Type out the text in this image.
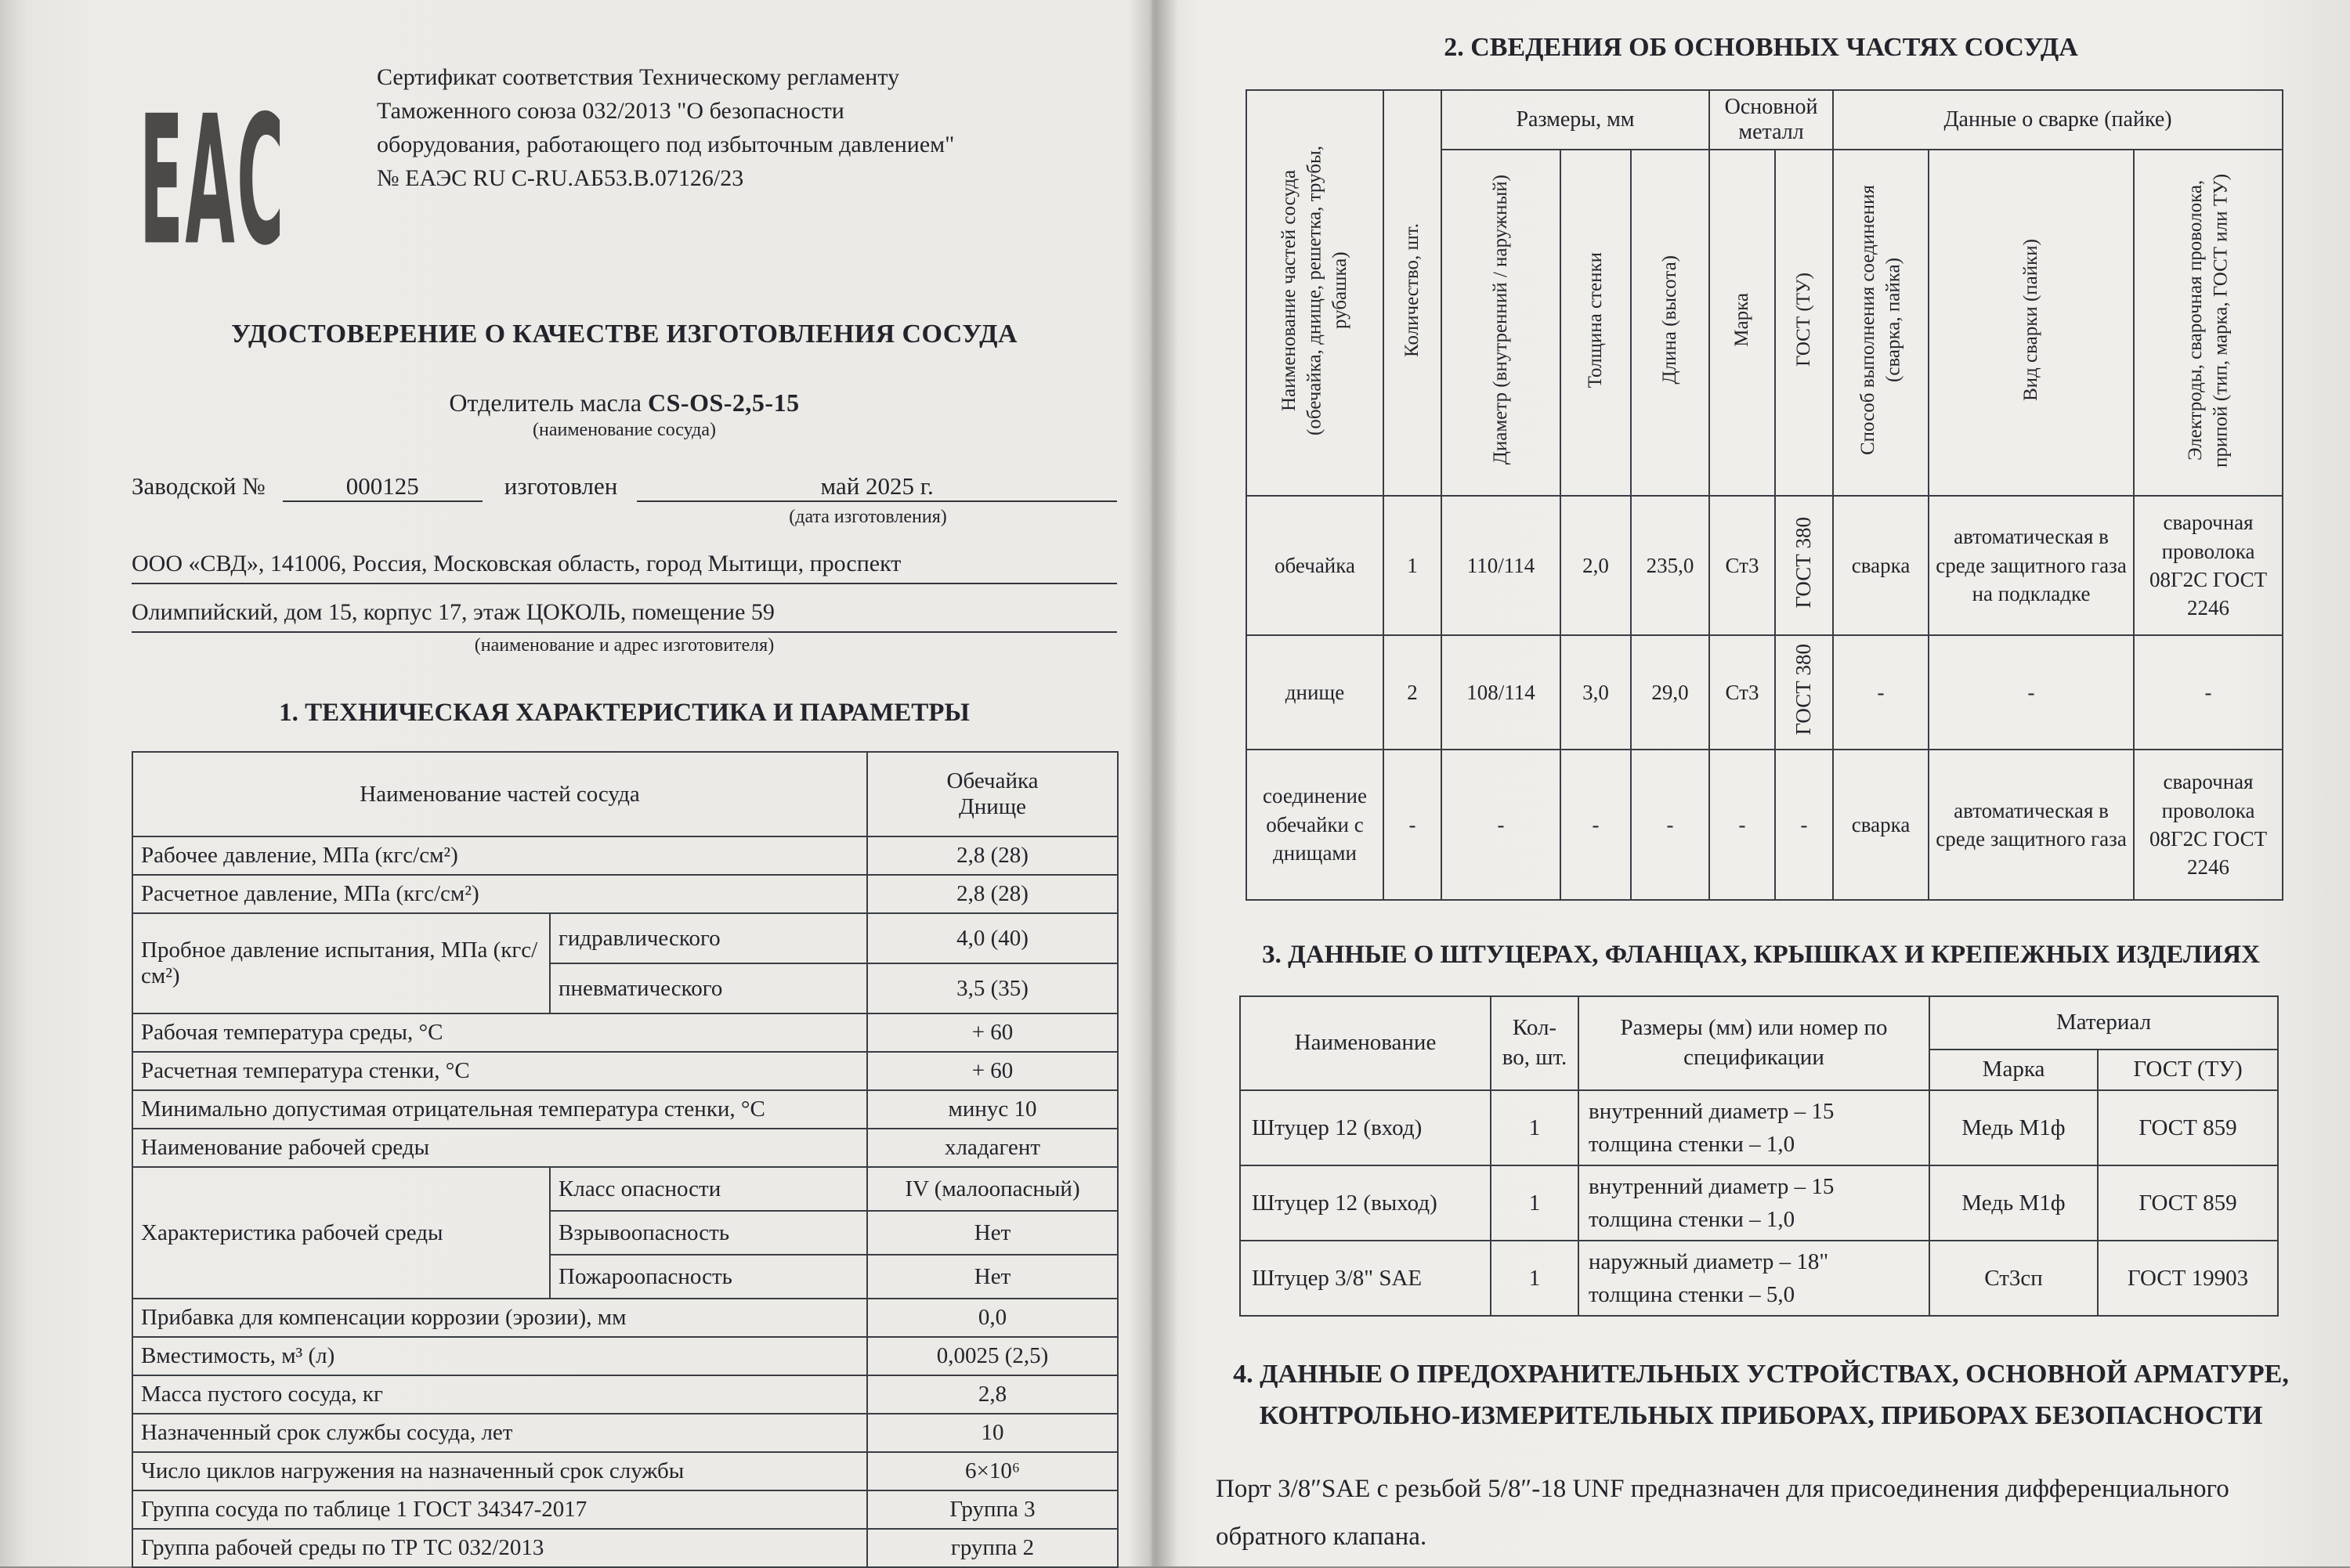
ЕАС
Сертификат соответствия Техническому регламенту Таможенного союза 032/2013 "О безопасности оборудования, работающего под избыточным давлением" № ЕАЭС RU C-RU.АБ53.В.07126/23
УДОСТОВЕРЕНИЕ О КАЧЕСТВЕ ИЗГОТОВЛЕНИЯ СОСУДА
Отделитель масла CS-OS-2,5-15
(наименование сосуда)
Заводской №	000125	изготовлен	май 2025 г.
(дата изготовления)
ООО «СВД», 141006, Россия, Московская область, город Мытищи, проспект
Олимпийский, дом 15, корпус 17, этаж ЦОКОЛЬ, помещение 59
(наименование и адрес изготовителя)
1. ТЕХНИЧЕСКАЯ ХАРАКТЕРИСТИКА И ПАРАМЕТРЫ
Наименование частей сосуда		Обечайка
Днище

Рабочее давление, МПа (кгс/см²)		2,8 (28)
Расчетное давление, МПа (кгс/см²)		2,8 (28)
Пробное давление испытания, МПа (кгс/см²)	гидравлического	4,0 (40)
	пневматического	3,5 (35)
Рабочая температура среды, °С		+ 60
Расчетная температура стенки, °С		+ 60
Минимально допустимая отрицательная температура стенки, °С		минус 10
Наименование рабочей среды		хладагент
Характеристика рабочей среды	Класс опасности	IV (малоопасный)
	Взрывоопасность	Нет
	Пожароопасность	Нет
Прибавка для компенсации коррозии (эрозии), мм		0,0
Вместимость, м³ (л)		0,0025 (2,5)
Масса пустого сосуда, кг		2,8
Назначенный срок службы сосуда, лет		10
Число циклов нагружения на назначенный срок службы		6×10⁶
Группа сосуда по таблице 1 ГОСТ 34347-2017		Группа 3
Группа рабочей среды по ТР ТС 032/2013		группа 2
2. СВЕДЕНИЯ ОБ ОСНОВНЫХ ЧАСТЯХ СОСУДА
Наименование частей сосуда (обечайка, днище, решетка, трубы, рубашка)	Количество, шт.	Размеры, мм			Основной металл		Данные о сварке (пайке)		
		Диаметр (внутренний / наружный)	Толщина стенки	Длина (высота)	Марка	ГОСТ (ТУ)	Способ выполнения соединения (сварка, пайка)	Вид сварки (пайки)	Электроды, сварочная проволока, припой (тип, марка, ГОСТ или ТУ)
обечайка	1	110/114	2,0	235,0	Ст3	ГОСТ 380	сварка	автоматическая в среде защитного газа на подкладке	сварочная проволока 08Г2С ГОСТ 2246
днище	2	108/114	3,0	29,0	Ст3	ГОСТ 380	-	-	-
соединение обечайки с днищами	-	-	-	-	-	-	сварка	автоматическая в среде защитного газа	сварочная проволока 08Г2С ГОСТ 2246
3. ДАННЫЕ О ШТУЦЕРАХ, ФЛАНЦАХ, КРЫШКАХ И КРЕПЕЖНЫХ ИЗДЕЛИЯХ
Наименование	Кол-во, шт.	Размеры (мм) или номер по спецификации	Материал	
			Марка	ГОСТ (ТУ)
Штуцер 12 (вход)	1	внутренний диаметр – 15
толщина стенки – 1,0	Медь М1ф	ГОСТ 859
Штуцер 12 (выход)	1	внутренний диаметр – 15
толщина стенки – 1,0	Медь М1ф	ГОСТ 859
Штуцер 3/8" SAE	1	наружный диаметр – 18"
толщина стенки – 5,0	Ст3сп	ГОСТ 19903
4. ДАННЫЕ О ПРЕДОХРАНИТЕЛЬНЫХ УСТРОЙСТВАХ, ОСНОВНОЙ АРМАТУРЕ, КОНТРОЛЬНО-ИЗМЕРИТЕЛЬНЫХ ПРИБОРАХ, ПРИБОРАХ БЕЗОПАСНОСТИ

Порт 3/8″SAE с резьбой 5/8″-18 UNF предназначен для присоединения дифференциального обратного клапана.
